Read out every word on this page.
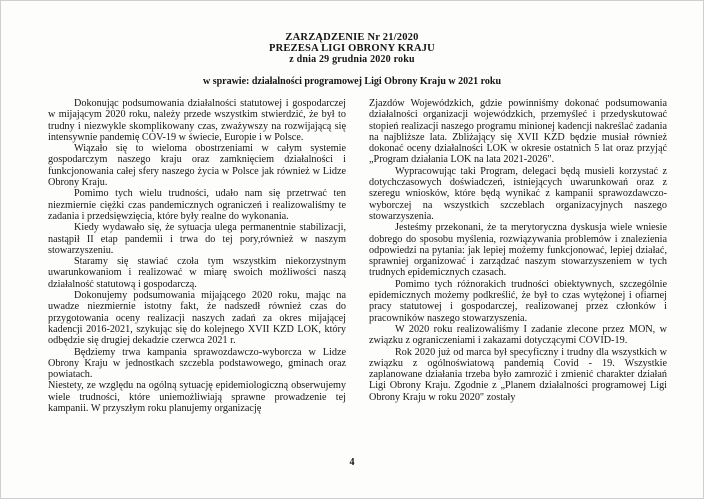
ZARZĄDZENIE Nr 21/2020
PREZESA LIGI OBRONY KRAJU
z dnia 29 grudnia 2020 roku
w sprawie: działalności programowej Ligi Obrony Kraju w 2021 roku

Dokonując podsumowania działalności statutowej i gospodarczej w mijającym 2020 roku, należy przede wszystkim stwierdzić, że był to trudny i niezwykle skomplikowany czas, zważywszy na rozwijającą się intensywnie pandemię COV-19 w świecie, Europie i w Polsce.

Wiązało się to wieloma obostrzeniami w całym systemie gospodarczym naszego kraju oraz zamknięciem działalności i funkcjonowania całej sfery naszego życia w Polsce jak również w Lidze Obrony Kraju.

Pomimo tych wielu trudności, udało nam się przetrwać ten niezmiernie ciężki czas pandemicznych ograniczeń i realizowaliśmy te zadania i przedsięwzięcia, które były realne do wykonania.

Kiedy wydawało się, że sytuacja ulega permanentnie stabilizacji, nastąpił II etap pandemii i trwa do tej pory,również w naszym stowarzyszeniu.

Staramy się stawiać czoła tym wszystkim niekorzystnym uwarunkowaniom i realizować w miarę swoich możliwości naszą działalność statutową i gospodarczą.

Dokonujemy podsumowania mijającego 2020 roku, mając na uwadze niezmiernie istotny fakt, że nadszedł również czas do przygotowania oceny realizacji naszych zadań za okres mijającej kadencji 2016-2021, szykując się do kolejnego XVII KZD LOK, który odbędzie się drugiej dekadzie czerwca 2021 r.

Będziemy trwa kampania sprawozdawczo-wyborcza w Lidze Obrony Kraju w jednostkach szczebla podstawowego, gminach oraz powiatach.

Niestety, ze względu na ogólną sytuację epidemiologiczną obserwujemy wiele trudności, które uniemożliwiają sprawne prowadzenie tej kampanii. W przyszłym roku planujemy organizację

Zjazdów Wojewódzkich, gdzie powinniśmy dokonać podsumowania działalności organizacji wojewódzkich, przemyśleć i przedyskutować stopień realizacji naszego programu minionej kadencji nakreślać zadania na najbliższe lata. Zbliżający się XVII KZD będzie musiał również dokonać oceny działalności LOK w okresie ostatnich 5 lat oraz przyjąć „Program działania LOK na lata 2021-2026".

Wypracowując taki Program, delegaci będą musieli korzystać z dotychczasowych doświadczeń, istniejących uwarunkowań oraz z szeregu wniosków, które będą wynikać z kampanii sprawozdawczo-wyborczej na wszystkich szczeblach organizacyjnych naszego stowarzyszenia.

Jesteśmy przekonani, że ta merytoryczna dyskusja wiele wniesie dobrego do sposobu myślenia, rozwiązywania problemów i znalezienia odpowiedzi na pytania: jak lepiej możemy funkcjonować, lepiej działać, sprawniej organizować i zarządzać naszym stowarzyszeniem w tych trudnych epidemicznych czasach.

Pomimo tych różnorakich trudności obiektywnych, szczególnie epidemicznych możemy podkreślić, że był to czas wytężonej i ofiarnej pracy statutowej i gospodarczej, realizowanej przez członków i pracowników naszego stowarzyszenia.

W 2020 roku realizowaliśmy I zadanie zlecone przez MON, w związku z ograniczeniami i zakazami dotyczącymi COVID-19.

Rok 2020 już od marca był specyficzny i trudny dla wszystkich w związku z ogólnoświatową pandemią Covid - 19. Wszystkie zaplanowane działania trzeba było zamrozić i zmienić charakter działań Ligi Obrony Kraju. Zgodnie z „Planem działalności programowej Ligi Obrony Kraju w roku 2020" zostały

4
